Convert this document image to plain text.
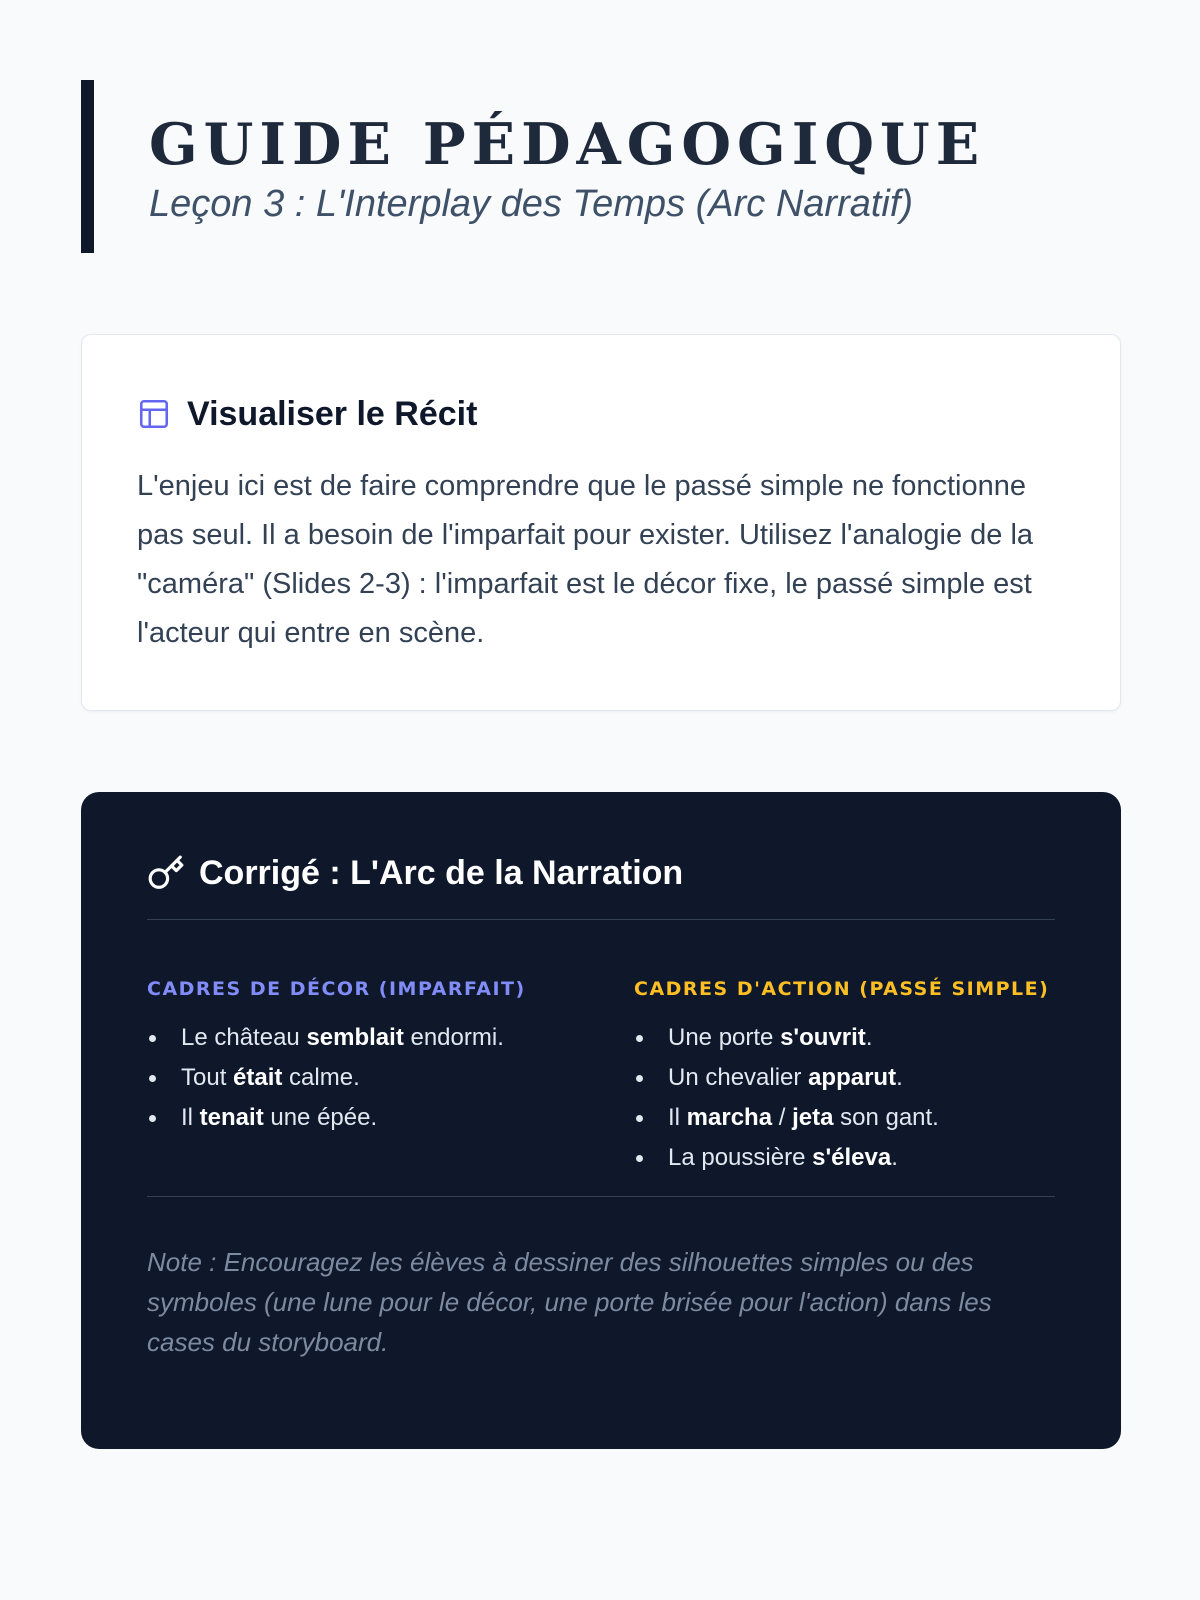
GUIDE PÉDAGOGIQUE
Leçon 3 : L'Interplay des Temps (Arc Narratif)
Visualiser le Récit

L'enjeu ici est de faire comprendre que le passé simple ne fonctionne pas seul. Il a besoin de l'imparfait pour exister. Utilisez l'analogie de la "caméra" (Slides 2-3) : l'imparfait est le décor fixe, le passé simple est l'acteur qui entre en scène.

Corrigé : L'Arc de la Narration
CADRES DE DÉCOR (IMPARFAIT)
Le château semblait endormi.
Tout était calme.
Il tenait une épée.
CADRES D'ACTION (PASSÉ SIMPLE)
Une porte s'ouvrit.
Un chevalier apparut.
Il marcha / jeta son gant.
La poussière s'éleva.

Note : Encouragez les élèves à dessiner des silhouettes simples ou des symboles (une lune pour le décor, une porte brisée pour l'action) dans les cases du storyboard.
